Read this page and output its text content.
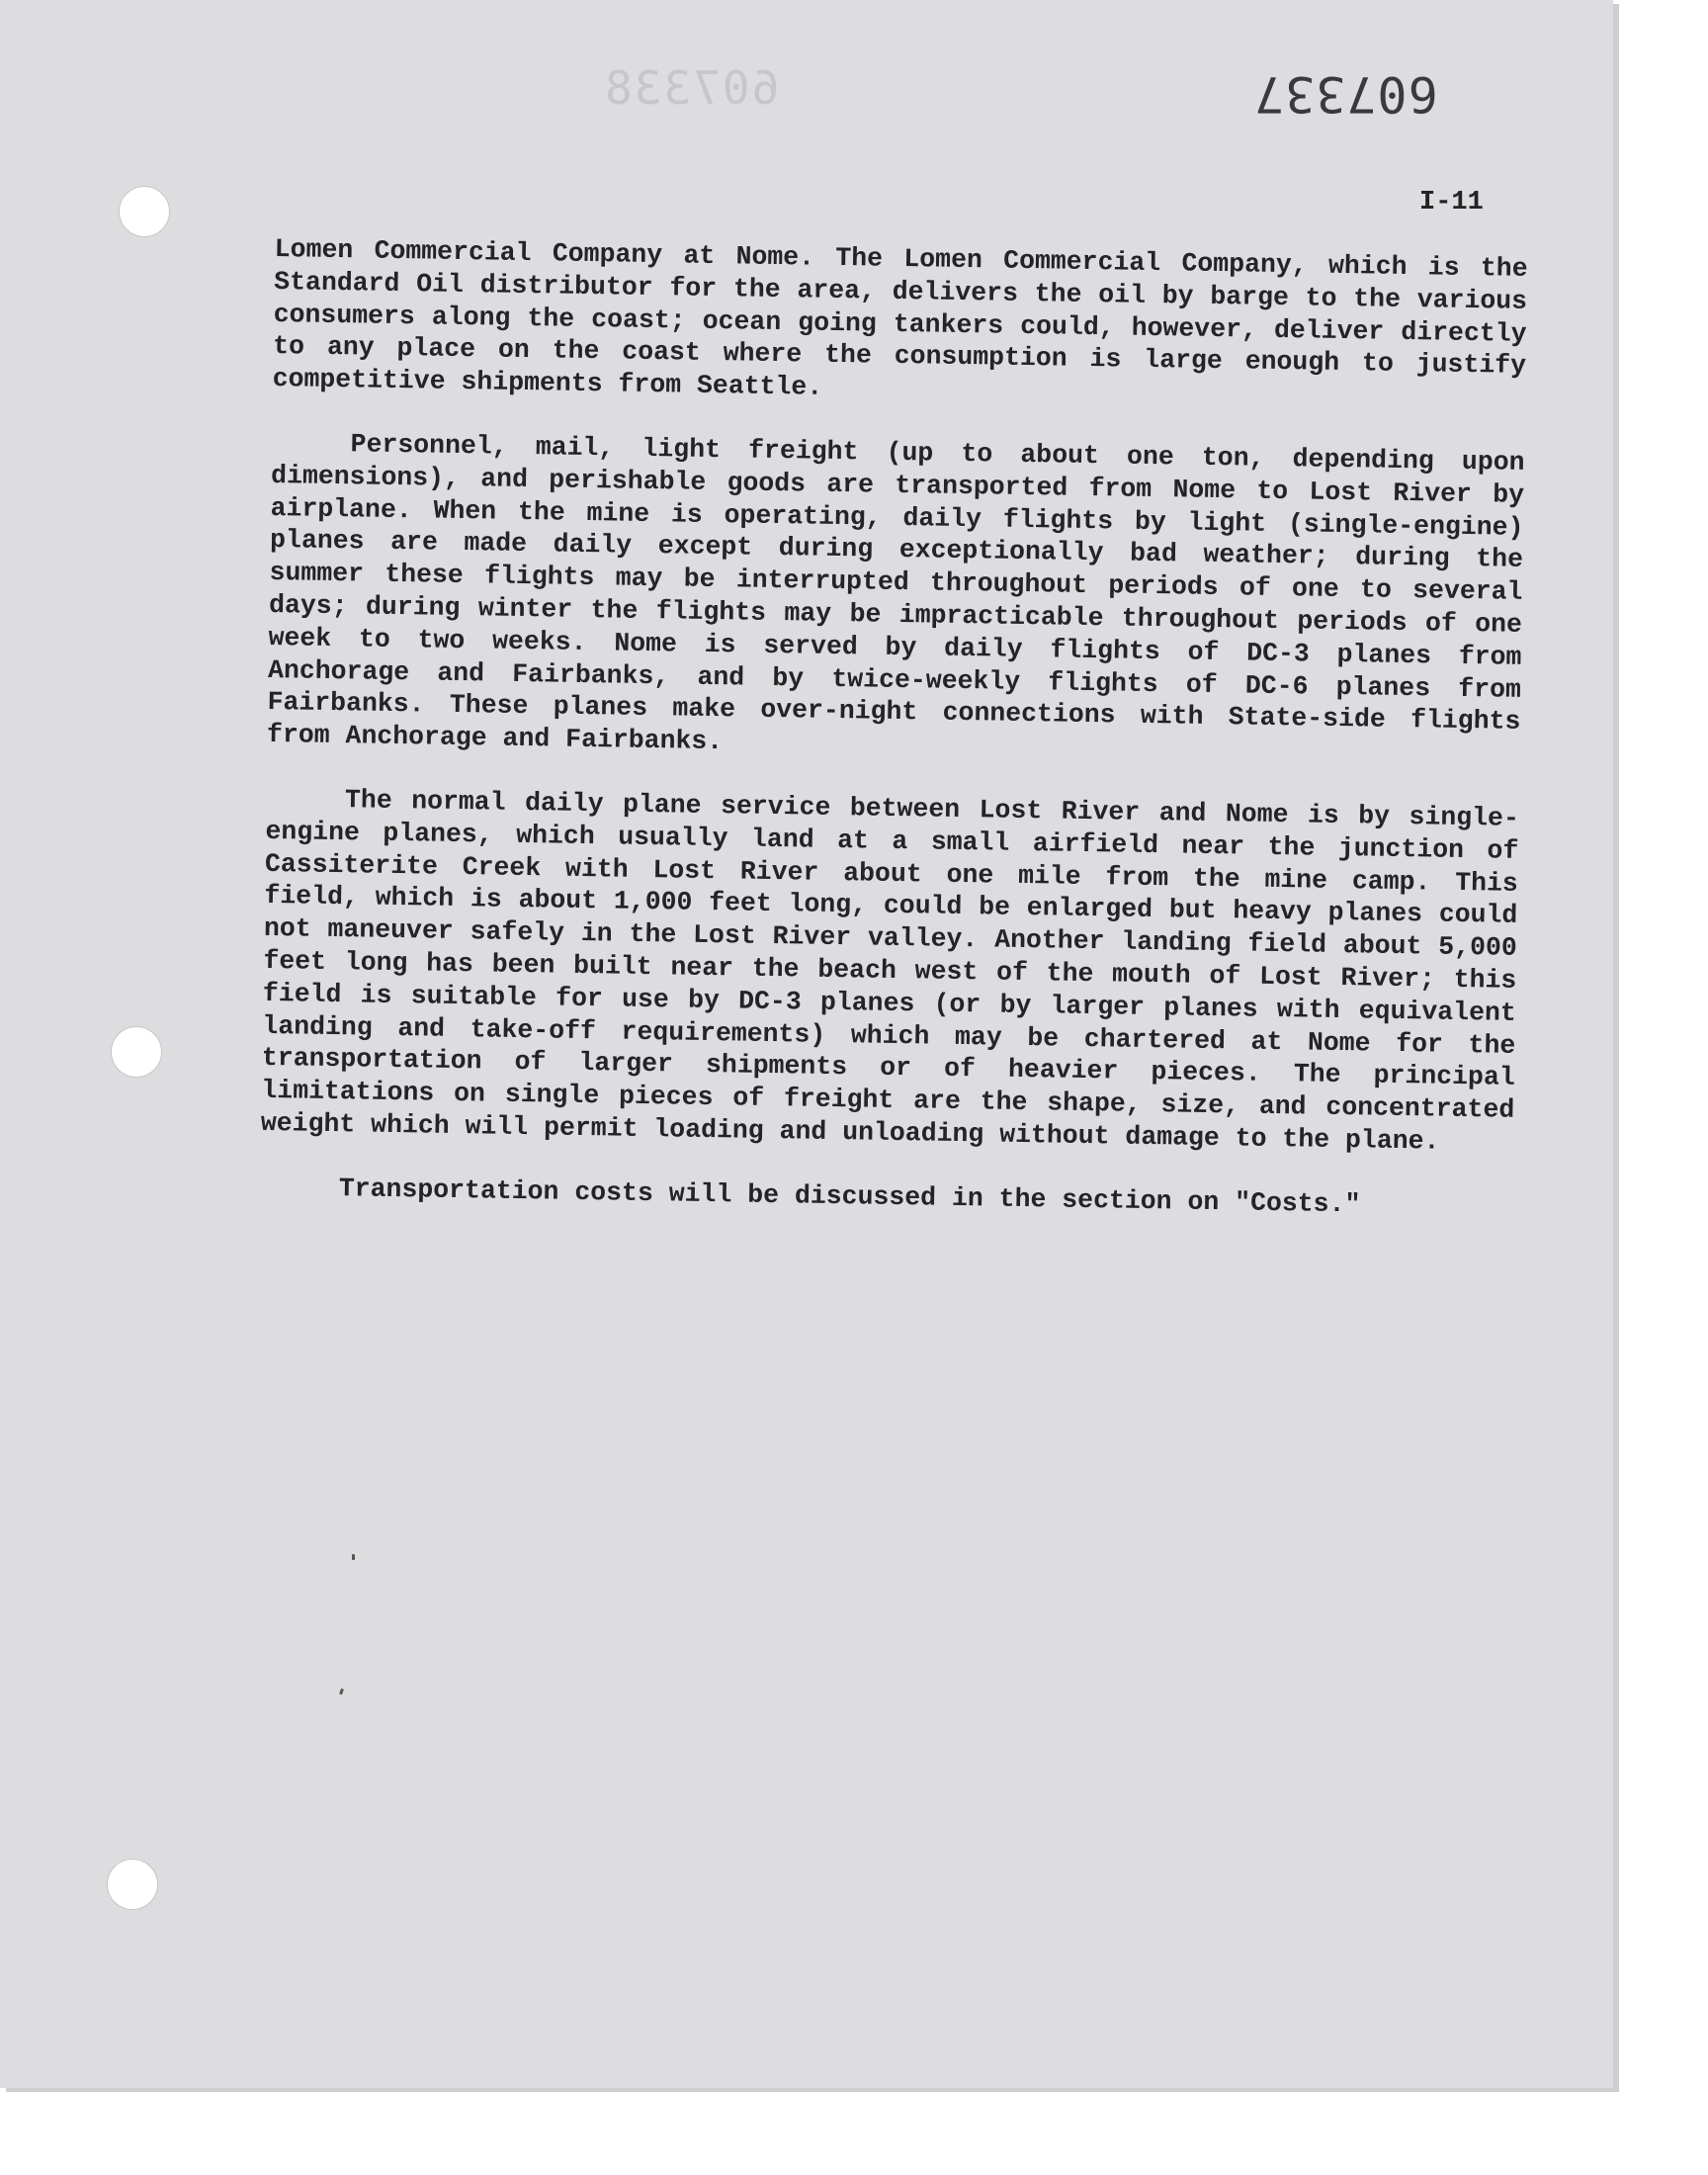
607338	607337
I-11

Lomen Commercial Company at Nome. The Lomen Commercial Company, which is the Standard Oil distributor for the area, delivers the oil by barge to the various consumers along the coast; ocean going tankers could, however, deliver directly to any place on the coast where the consumption is large enough to justify competitive shipments from Seattle.

Personnel, mail, light freight (up to about one ton, depending upon dimensions), and perishable goods are transported from Nome to Lost River by airplane. When the mine is operating, daily flights by light (single-engine) planes are made daily except during exceptionally bad weather; during the summer these flights may be interrupted throughout periods of one to several days; during winter the flights may be impracticable throughout periods of one week to two weeks. Nome is served by daily flights of DC-3 planes from Anchorage and Fairbanks, and by twice-weekly flights of DC-6 planes from Fairbanks. These planes make over-night connections with State-side flights from Anchorage and Fairbanks.

The normal daily plane service between Lost River and Nome is by single-engine planes, which usually land at a small airfield near the junction of Cassiterite Creek with Lost River about one mile from the mine camp. This field, which is about 1,000 feet long, could be enlarged but heavy planes could not maneuver safely in the Lost River valley. Another landing field about 5,000 feet long has been built near the beach west of the mouth of Lost River; this field is suitable for use by DC-3 planes (or by larger planes with equivalent landing and take-off requirements) which may be chartered at Nome for the transportation of larger shipments or of heavier pieces. The principal limitations on single pieces of freight are the shape, size, and concentrated weight which will permit loading and unloading without damage to the plane.

Transportation costs will be discussed in the section on "Costs."
